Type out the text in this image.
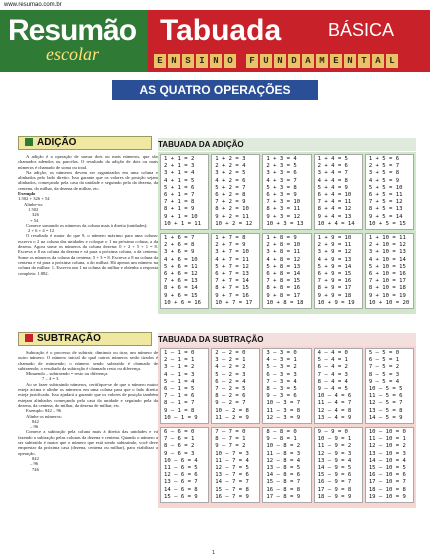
www.resumao.com.br
Resumão
escolar
Tabuada	BÁSICA
E N S I N O	F U N D A M E N T A L
AS QUATRO OPERAÇÕES
ADIÇÃO

A adição é a operação de somar dois ou mais números, que são chamados adendos ou parcelas. O resultado da adição de dois ou mais números é chamado de soma ou total.

Na adição, os números devem ser organizados em uma coluna e alinhados pelo lado direito. Isso garante que os valores de posição sejam alinhados, começando pela casa da unidade e seguindo pela da dezena, da centena, do milhar, da dezena de milhar, etc.

Exemplo

1.502 + 326 + 54

Alinhe-os:

1 502

326

+ 54

Comece somando os números da coluna mais à direita (unidades):

2 + 6 + 4 = 12

O resultado é maior do que 9, o número máximo para uma coluna: escreva o 2 na coluna das unidades e coloque o 1 na próxima coluna, a da dezena. Agora some os números da coluna dezena: 0 + 2 + 5 + 1 = 8. Escreva o 8 na coluna da dezena e vá para a próxima coluna, a da centena. Some os números da coluna da centena: 5 + 3 = 8. Escreva o 8 na coluna da centena e vá para a próxima coluna, a do milhar. Há apenas um número na coluna do milhar: 1. Escreva um 1 na coluna do milhar e obtenha a resposta completa: 1.882.

TABUADA DA ADIÇÃO
1 + 1 = 2
2 + 1 = 3
3 + 1 = 4
4 + 1 = 5
5 + 1 = 6
6 + 1 = 7
7 + 1 = 8
8 + 1 = 9
9 + 1 = 10
10 + 1 = 11
1 + 2 = 3
2 + 2 = 4
3 + 2 = 5
4 + 2 = 6
5 + 2 = 7
6 + 2 = 8
7 + 2 = 9
8 + 2 = 10
9 + 2 = 11
10 + 2 = 12
1 + 3 = 4
2 + 3 = 5
3 + 3 = 6
4 + 3 = 7
5 + 3 = 8
6 + 3 = 9
7 + 3 = 10
8 + 3 = 11
9 + 3 = 12
10 + 3 = 13
1 + 4 = 5
2 + 4 = 6
3 + 4 = 7
4 + 4 = 8
5 + 4 = 9
6 + 4 = 10
7 + 4 = 11
8 + 4 = 12
9 + 4 = 13
10 + 4 = 14
1 + 5 = 6
2 + 5 = 7
3 + 5 = 8
4 + 5 = 9
5 + 5 = 10
6 + 5 = 11
7 + 5 = 12
8 + 5 = 13
9 + 5 = 14
10 + 5 = 15
1 + 6 = 7
2 + 6 = 8
3 + 6 = 9
4 + 6 = 10
5 + 6 = 11
6 + 6 = 12
7 + 6 = 13
8 + 6 = 14
9 + 6 = 15
10 + 6 = 16
1 + 7 = 8
2 + 7 = 9
3 + 7 = 10
4 + 7 = 11
5 + 7 = 12
6 + 7 = 13
7 + 7 = 14
8 + 7 = 15
9 + 7 = 16
10 + 7 = 17
1 + 8 = 9
2 + 8 = 10
3 + 8 = 11
4 + 8 = 12
5 + 8 = 13
6 + 8 = 14
7 + 8 = 15
8 + 8 = 16
9 + 8 = 17
10 + 8 = 18
1 + 9 = 10
2 + 9 = 11
3 + 9 = 12
4 + 9 = 13
5 + 9 = 14
6 + 9 = 15
7 + 9 = 16
8 + 9 = 17
9 + 9 = 18
10 + 9 = 19
1 + 10 = 11
2 + 10 = 12
3 + 10 = 13
4 + 10 = 14
5 + 10 = 15
6 + 10 = 16
7 + 10 = 17
8 + 10 = 18
9 + 10 = 19
10 + 10 = 20
SUBTRAÇÃO

Subtração é o processo de subtrair, diminuir ou tirar, um número de outro número. O número inicial do qual outros números serão tirados é chamado de minuendo; o número sendo subtraído é chamado de subtraendo; o resultado da subtração é chamado resto ou diferença.

Minuendo – subtraendo = resto ou diferença

7 – 4 = 3

Ao se fazer subtraindo números, certifique-se de que o número maior esteja acima e alinhe os números em uma coluna para que o lado direito esteja justificado. Isso ajudará a garantir que os valores de posição também estejam alinhados começando pela casa da unidade e seguindo pela da dezena, da centena, do milhar, da dezena de milhar, etc.

Exemplo: 842 – 96

Alinhe os números:

842

– 96

Comece a subtração pela coluna mais à direita das unidades e vá fazendo a subtração pelas colunas da dezena e centena. Quando o número a ser subtraído é maior que o número que está sendo subtraindo, você deve emprestar da próxima casa (dezena, centena ou milhar), para viabilizar a operação.

842

– 96

746

TABUADA DA SUBTRAÇÃO
1 – 1 = 0
2 – 1 = 1
3 – 1 = 2
4 – 1 = 3
5 – 1 = 4
6 – 1 = 5
7 – 1 = 6
8 – 1 = 7
9 – 1 = 8
10 – 1 = 9
2 – 2 = 0
3 – 2 = 1
4 – 2 = 2
5 – 2 = 3
6 – 2 = 4
7 – 2 = 5
8 – 2 = 6
9 – 2 = 7
10 – 2 = 8
11 – 2 = 9
3 – 3 = 0
4 – 3 = 1
5 – 3 = 2
6 – 3 = 3
7 – 3 = 4
8 – 3 = 5
9 – 3 = 6
10 – 3 = 7
11 – 3 = 8
12 – 3 = 9
4 – 4 = 0
5 – 4 = 1
6 – 4 = 2
7 – 4 = 3
8 – 4 = 4
9 – 4 = 5
10 – 4 = 6
11 – 4 = 7
12 – 4 = 8
13 – 4 = 9
5 – 5 = 0
6 – 5 = 1
7 – 5 = 2
8 – 5 = 3
9 – 5 = 4
10 – 5 = 5
11 – 5 = 6
12 – 5 = 7
13 – 5 = 8
14 – 5 = 9
6 – 6 = 0
7 – 6 = 1
8 – 6 = 2
9 – 6 = 3
10 – 6 = 4
11 – 6 = 5
12 – 6 = 6
13 – 6 = 7
14 – 6 = 8
15 – 6 = 9
7 – 7 = 0
8 – 7 = 1
9 – 7 = 2
10 – 7 = 3
11 – 7 = 4
12 – 7 = 5
13 – 7 = 6
14 – 7 = 7
15 – 7 = 8
16 – 7 = 9
8 – 8 = 0
9 – 8 = 1
10 – 8 = 2
11 – 8 = 3
12 – 8 = 4
13 – 8 = 5
14 – 8 = 6
15 – 8 = 7
16 – 8 = 8
17 – 8 = 9
9 – 9 = 0
10 – 9 = 1
11 – 9 = 2
12 – 9 = 3
13 – 9 = 4
14 – 9 = 5
15 – 9 = 6
16 – 9 = 7
17 – 9 = 8
18 – 9 = 9
10 – 10 = 0
11 – 10 = 1
12 – 10 = 2
13 – 10 = 3
14 – 10 = 4
15 – 10 = 5
16 – 10 = 6
17 – 10 = 7
18 – 10 = 8
19 – 10 = 9
1
